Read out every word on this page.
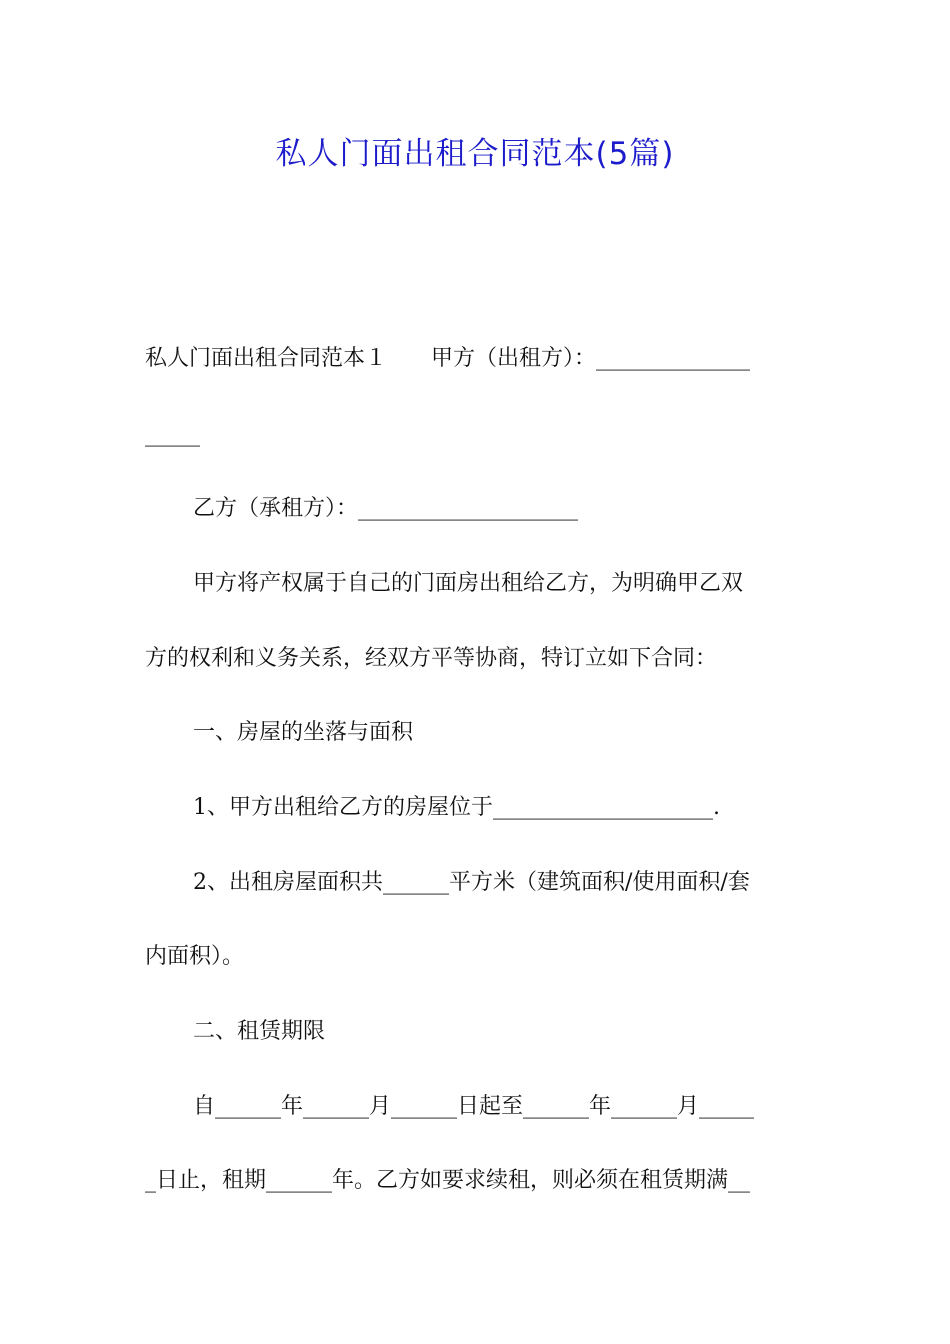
私人门面出租合同范本(5篇)
私人门面出租合同范本１　　甲方（出租方）：______________
_____
乙方（承租方）：____________________
甲方将产权属于自己的门面房出租给乙方，为明确甲乙双
方的权利和义务关系，经双方平等协商，特订立如下合同：
一、房屋的坐落与面积
1、甲方出租给乙方的房屋位于____________________.
2、出租房屋面积共______平方米（建筑面积/使用面积/套
内面积）。
二、租赁期限
自______年______月______日起至______年______月_____
_日止，租期______年。乙方如要求续租，则必须在租赁期满__
